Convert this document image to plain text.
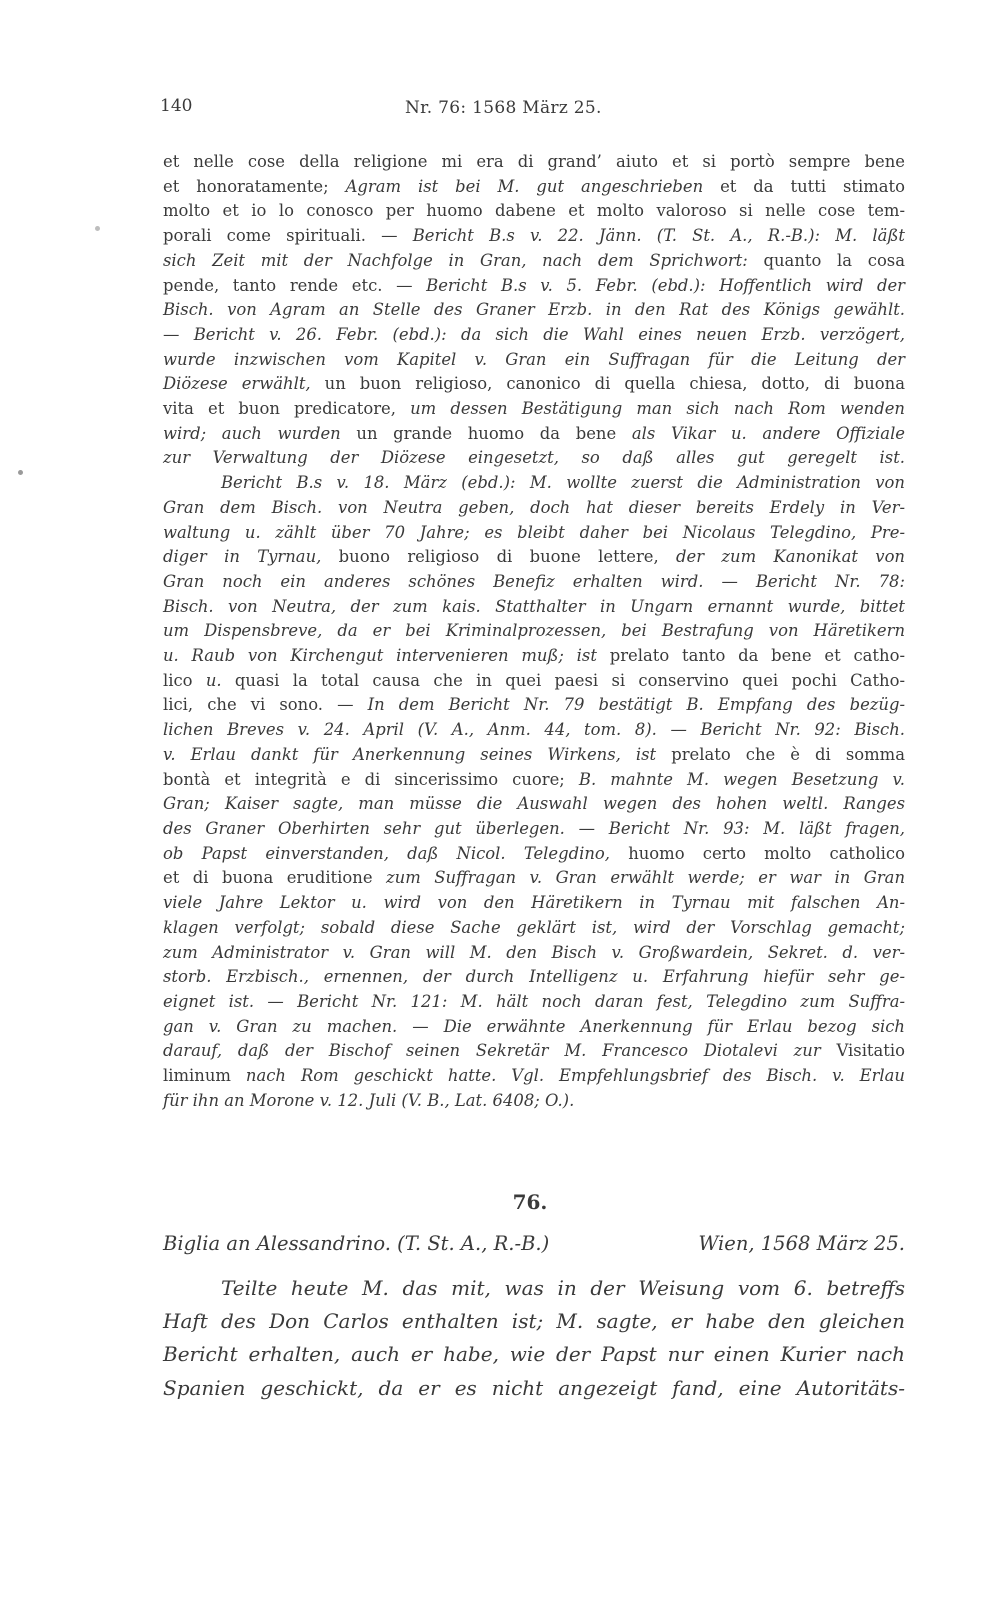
140	Nr. 76: 1568 März 25.
et nelle cose della religione mi era di grand’ aiuto et si portò sempre bene
et honoratamente; Agram ist bei M. gut angeschrieben et da tutti stimato
molto et io lo conosco per huomo dabene et molto valoroso si nelle cose tem-
porali come spirituali. — Bericht B.s v. 22. Jänn. (T. St. A., R.-B.): M. läßt
sich Zeit mit der Nachfolge in Gran, nach dem Sprichwort: quanto la cosa
pende, tanto rende etc. — Bericht B.s v. 5. Febr. (ebd.): Hoffentlich wird der
Bisch. von Agram an Stelle des Graner Erzb. in den Rat des Königs gewählt.
— Bericht v. 26. Febr. (ebd.): da sich die Wahl eines neuen Erzb. verzögert,
wurde inzwischen vom Kapitel v. Gran ein Suffragan für die Leitung der
Diözese erwählt, un buon religioso, canonico di quella chiesa, dotto, di buona
vita et buon predicatore, um dessen Bestätigung man sich nach Rom wenden
wird; auch wurden un grande huomo da bene als Vikar u. andere Offiziale
zur Verwaltung der Diözese eingesetzt, so daß alles gut geregelt ist.
Bericht B.s v. 18. März (ebd.): M. wollte zuerst die Administration von
Gran dem Bisch. von Neutra geben, doch hat dieser bereits Erdely in Ver-
waltung u. zählt über 70 Jahre; es bleibt daher bei Nicolaus Telegdino, Pre-
diger in Tyrnau, buono religioso di buone lettere, der zum Kanonikat von
Gran noch ein anderes schönes Benefiz erhalten wird. — Bericht Nr. 78:
Bisch. von Neutra, der zum kais. Statthalter in Ungarn ernannt wurde, bittet
um Dispensbreve, da er bei Kriminalprozessen, bei Bestrafung von Häretikern
u. Raub von Kirchengut intervenieren muß; ist prelato tanto da bene et catho-
lico u. quasi la total causa che in quei paesi si conservino quei pochi Catho-
lici, che vi sono. — In dem Bericht Nr. 79 bestätigt B. Empfang des bezüg-
lichen Breves v. 24. April (V. A., Anm. 44, tom. 8). — Bericht Nr. 92: Bisch.
v. Erlau dankt für Anerkennung seines Wirkens, ist prelato che è di somma
bontà et integrità e di sincerissimo cuore; B. mahnte M. wegen Besetzung v.
Gran; Kaiser sagte, man müsse die Auswahl wegen des hohen weltl. Ranges
des Graner Oberhirten sehr gut überlegen. — Bericht Nr. 93: M. läßt fragen,
ob Papst einverstanden, daß Nicol. Telegdino, huomo certo molto catholico
et di buona eruditione zum Suffragan v. Gran erwählt werde; er war in Gran
viele Jahre Lektor u. wird von den Häretikern in Tyrnau mit falschen An-
klagen verfolgt; sobald diese Sache geklärt ist, wird der Vorschlag gemacht;
zum Administrator v. Gran will M. den Bisch v. Großwardein, Sekret. d. ver-
storb. Erzbisch., ernennen, der durch Intelligenz u. Erfahrung hiefür sehr ge-
eignet ist. — Bericht Nr. 121: M. hält noch daran fest, Telegdino zum Suffra-
gan v. Gran zu machen. — Die erwähnte Anerkennung für Erlau bezog sich
darauf, daß der Bischof seinen Sekretär M. Francesco Diotalevi zur Visitatio
liminum nach Rom geschickt hatte. Vgl. Empfehlungsbrief des Bisch. v. Erlau
für ihn an Morone v. 12. Juli (V. B., Lat. 6408; O.).
76.
Biglia an Alessandrino. (T. St. A., R.-B.)	Wien, 1568 März 25.
Teilte heute M. das mit, was in der Weisung vom 6. betreffs
Haft des Don Carlos enthalten ist; M. sagte, er habe den gleichen
Bericht erhalten, auch er habe, wie der Papst nur einen Kurier nach
Spanien geschickt, da er es nicht angezeigt fand, eine Autoritäts-
